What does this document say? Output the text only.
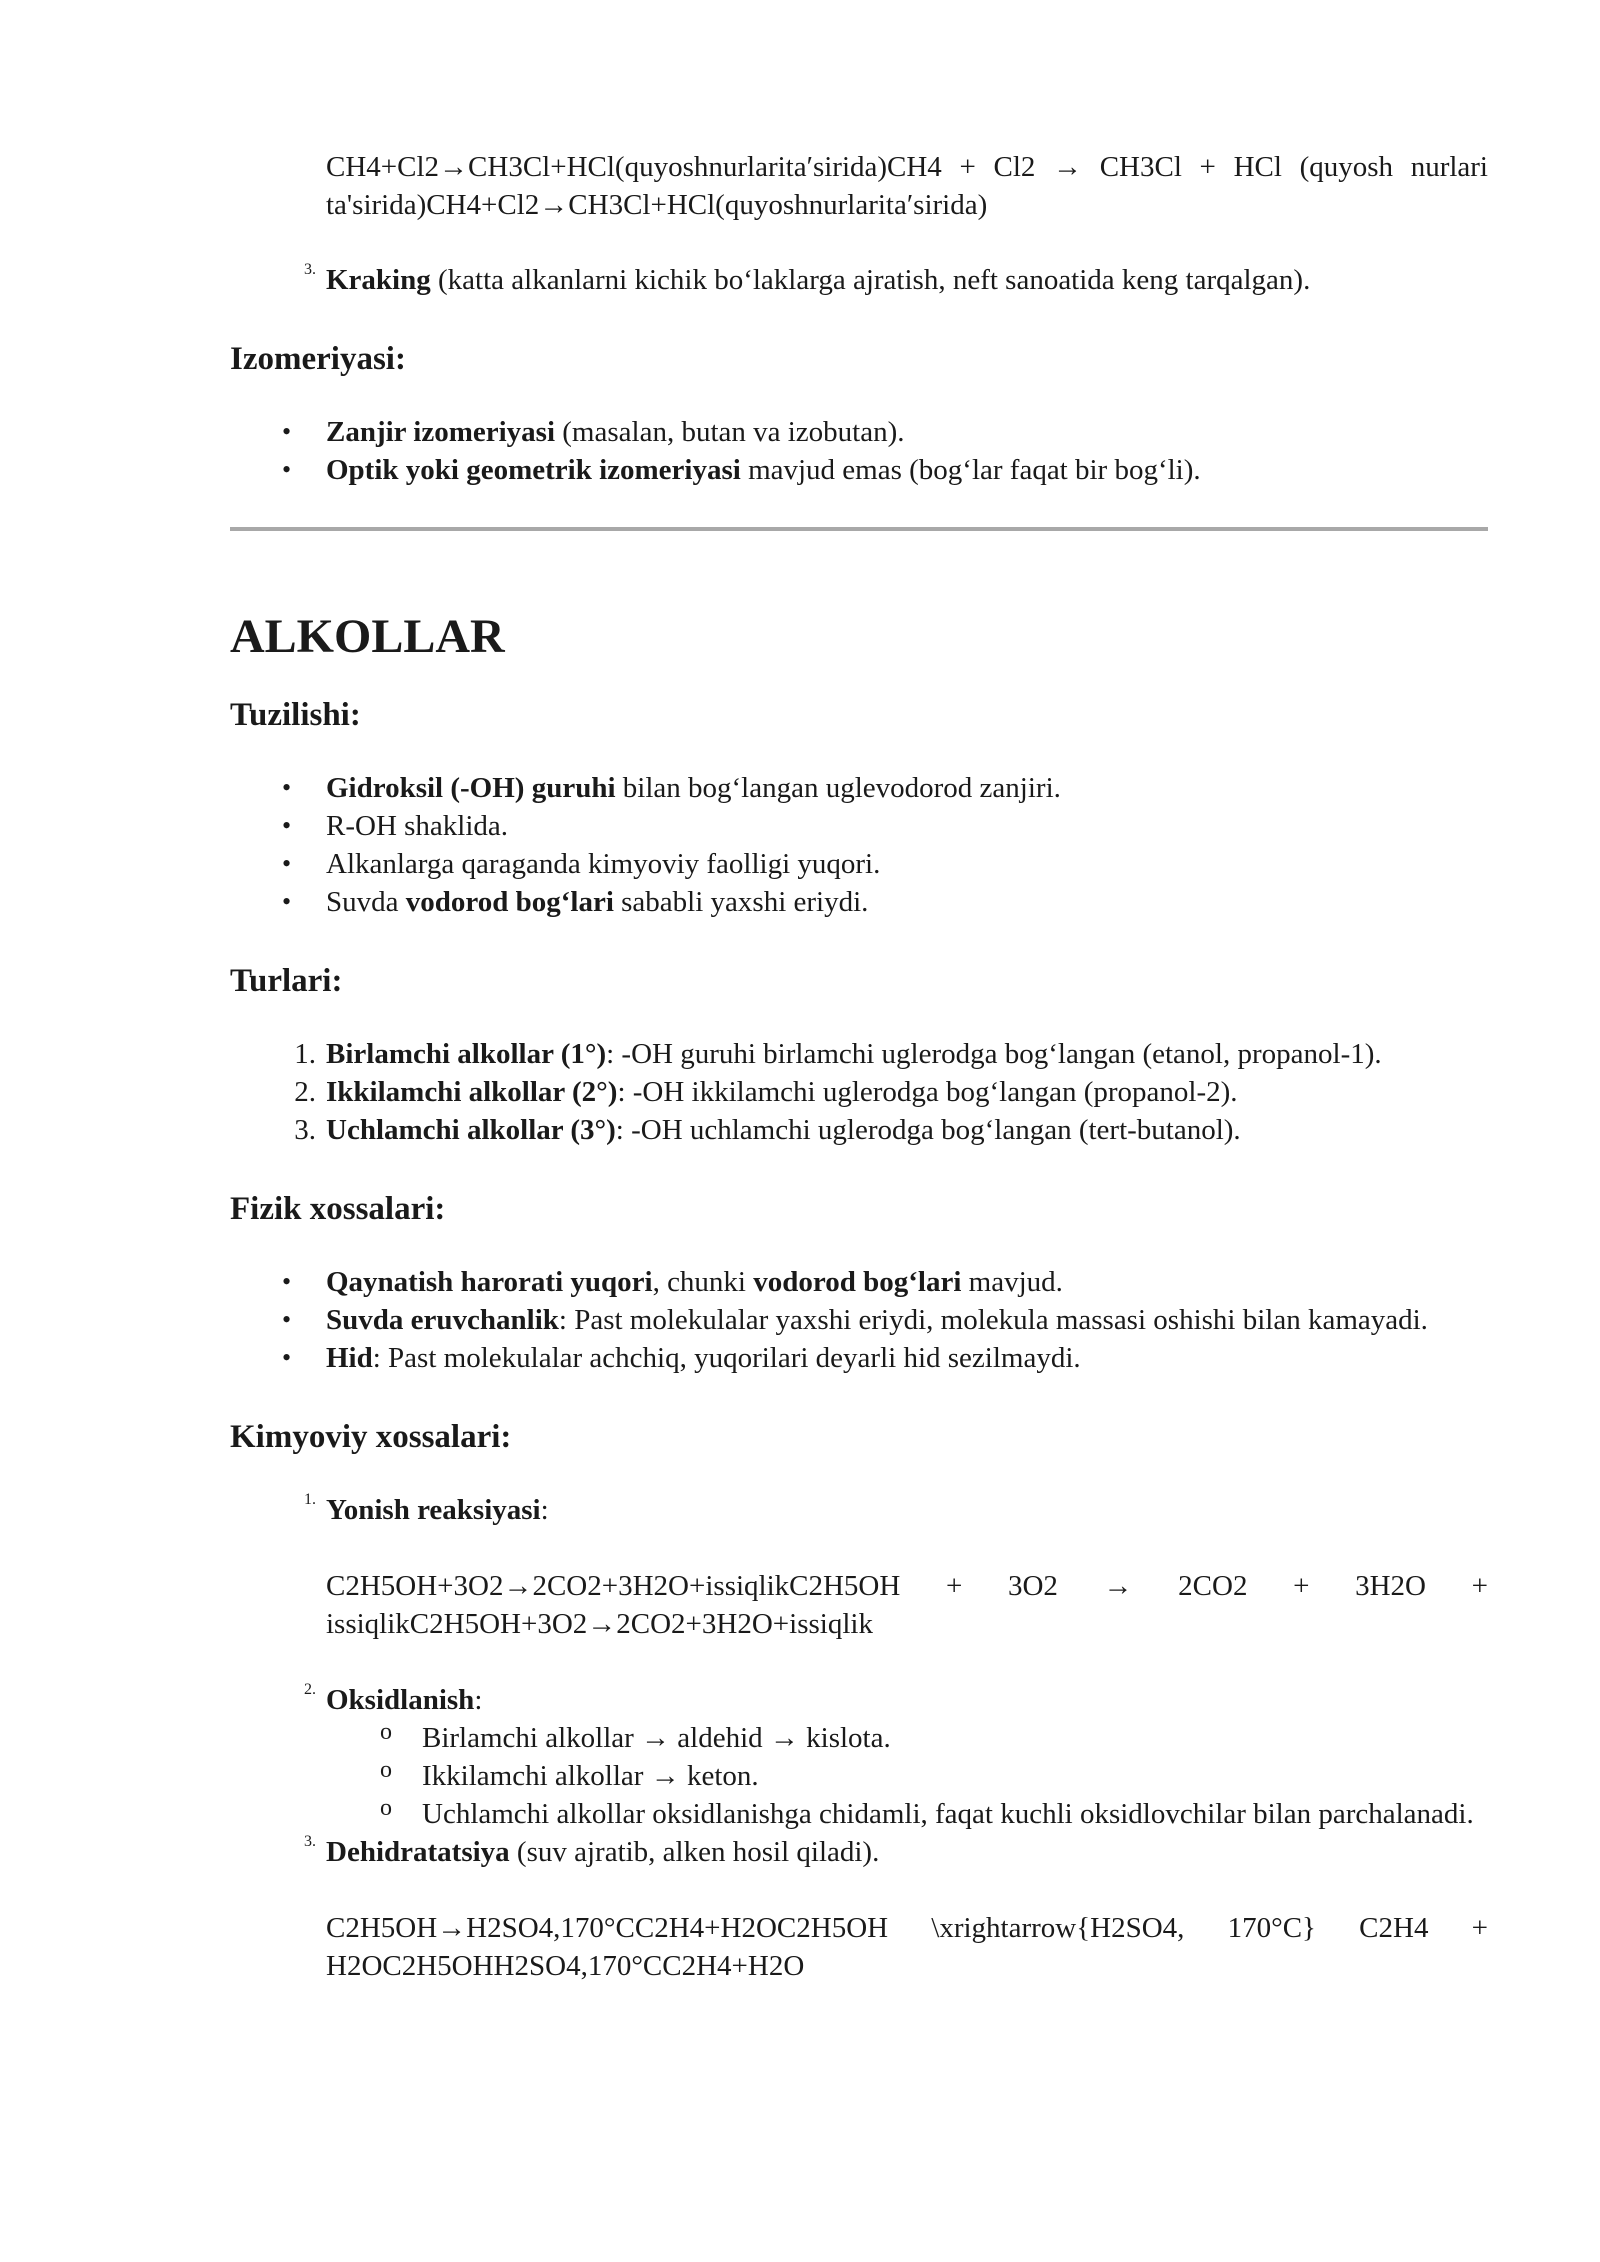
CH4+Cl2→CH3Cl+HCl(quyoshnurlarita′sirida)CH4 + Cl2 → CH3Cl + HCl (quyosh nurlari ta'sirida)CH4+Cl2→CH3Cl+HCl(quyoshnurlarita′sirida)

3. Kraking (katta alkanlarni kichik bo‘laklarga ajratish, neft sanoatida keng tarqalgan).

Izomeriyasi:
• Zanjir izomeriyasi (masalan, butan va izobutan).

• Optik yoki geometrik izomeriyasi mavjud emas (bog‘lar faqat bir bog‘li).

ALKOLLAR
Tuzilishi:
• Gidroksil (-OH) guruhi bilan bog‘langan uglevodorod zanjiri.

• R-OH shaklida.

• Alkanlarga qaraganda kimyoviy faolligi yuqori.

• Suvda vodorod bog‘lari sababli yaxshi eriydi.

Turlari:
1. Birlamchi alkollar (1°): -OH guruhi birlamchi uglerodga bog‘langan (etanol, propanol-1).

2. Ikkilamchi alkollar (2°): -OH ikkilamchi uglerodga bog‘langan (propanol-2).

3. Uchlamchi alkollar (3°): -OH uchlamchi uglerodga bog‘langan (tert-butanol).

Fizik xossalari:
• Qaynatish harorati yuqori, chunki vodorod bog‘lari mavjud.

• Suvda eruvchanlik: Past molekulalar yaxshi eriydi, molekula massasi oshishi bilan kamayadi.

• Hid: Past molekulalar achchiq, yuqorilari deyarli hid sezilmaydi.

Kimyoviy xossalari:
1. Yonish reaksiyasi:

C2H5OH+3O2→2CO2+3H2O+issiqlikC2H5OH + 3O2 → 2CO2 + 3H2O + issiqlikC2H5OH+3O2→2CO2+3H2O+issiqlik

2. Oksidlanish:

o Birlamchi alkollar → aldehid → kislota.

o Ikkilamchi alkollar → keton.

o Uchlamchi alkollar oksidlanishga chidamli, faqat kuchli oksidlovchilar bilan parchalanadi.

3. Dehidratatsiya (suv ajratib, alken hosil qiladi).

C2H5OH→H2SO4,170°CC2H4+H2OC2H5OH \xrightarrow{H2SO4, 170°C} C2H4 + H2OC2H5OHH2SO4,170°CC2H4+H2O
